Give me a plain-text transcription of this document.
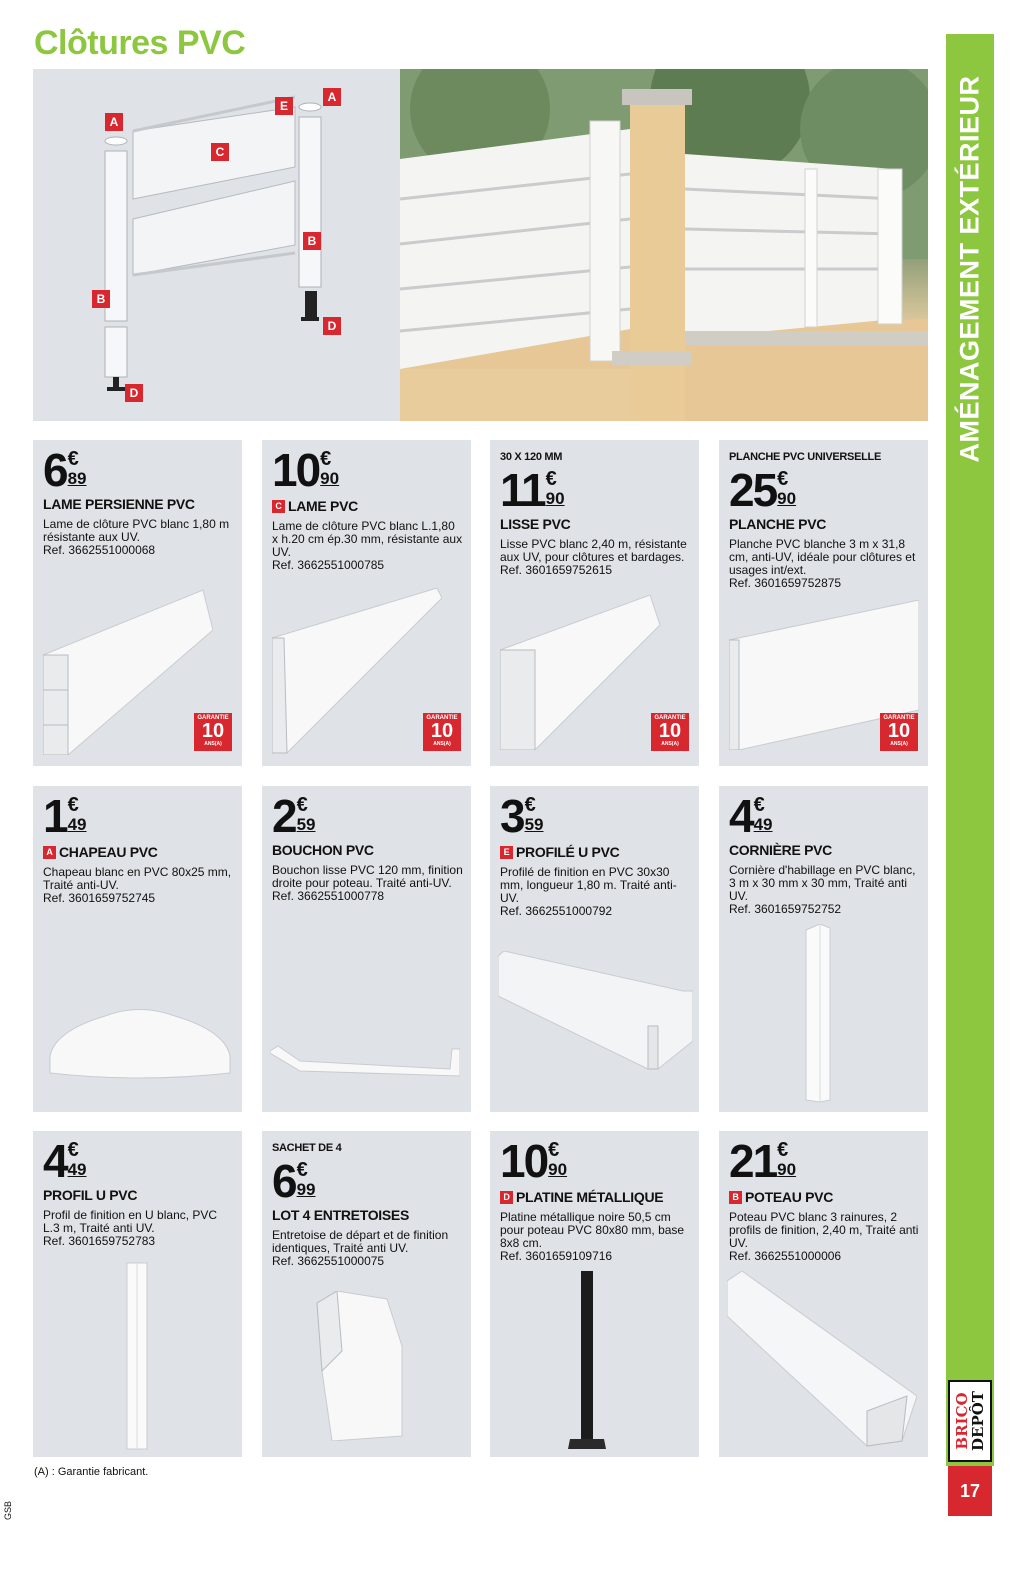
Clôtures PVC
AMÉNAGEMENT EXTÉRIEUR
BRICO
DEPÔT
17
A
E
A
C
B
B
D
D
6 €
89
LAME PERSIENNE PVC
Lame de clôture PVC blanc 1,80 m résistante aux UV.
Ref. 3662551000068
GARANTIE
10
ANS(A)
10 €
90
C LAME PVC
Lame de clôture PVC blanc L.1,80 x h.20 cm ép.30 mm, résistante aux UV.
Ref. 3662551000785
GARANTIE
10
ANS(A)
30 X 120 MM
11 €
90
LISSE PVC
Lisse PVC blanc 2,40 m, résistante aux UV, pour clôtures et bardages.
Ref. 3601659752615
GARANTIE
10
ANS(A)
PLANCHE PVC UNIVERSELLE
25 €
90
PLANCHE PVC
Planche PVC blanche 3 m x 31,8 cm, anti-UV, idéale pour clôtures et usages int/ext.
Ref. 3601659752875
GARANTIE
10
ANS(A)
1 €
49
A CHAPEAU PVC
Chapeau blanc en PVC 80x25 mm, Traité anti-UV.
Ref. 3601659752745
2 €
59
BOUCHON PVC
Bouchon lisse PVC 120 mm, finition droite pour poteau. Traité anti-UV.
Ref. 3662551000778
3 €
59
E PROFILÉ U PVC
Profilé de finition en PVC 30x30 mm, longueur 1,80 m. Traité anti-UV.
Ref. 3662551000792
4 €
49
CORNIÈRE PVC
Cornière d'habillage en PVC blanc, 3 m x 30 mm x 30 mm, Traité anti UV.
Ref. 3601659752752
4 €
49
PROFIL U PVC
Profil de finition en U blanc, PVC L.3 m, Traité anti UV.
Ref. 3601659752783
SACHET DE 4
6 €
99
LOT 4 ENTRETOISES
Entretoise de départ et de finition identiques, Traité anti UV.
Ref. 3662551000075
10 €
90
D PLATINE MÉTALLIQUE
Platine métallique noire 50,5 cm pour poteau PVC 80x80 mm, base 8x8 cm.
Ref. 3601659109716
21 €
90
B POTEAU PVC
Poteau PVC blanc 3 rainures, 2 profils de finition, 2,40 m, Traité anti UV.
Ref. 3662551000006
(A) : Garantie fabricant.
GSB
